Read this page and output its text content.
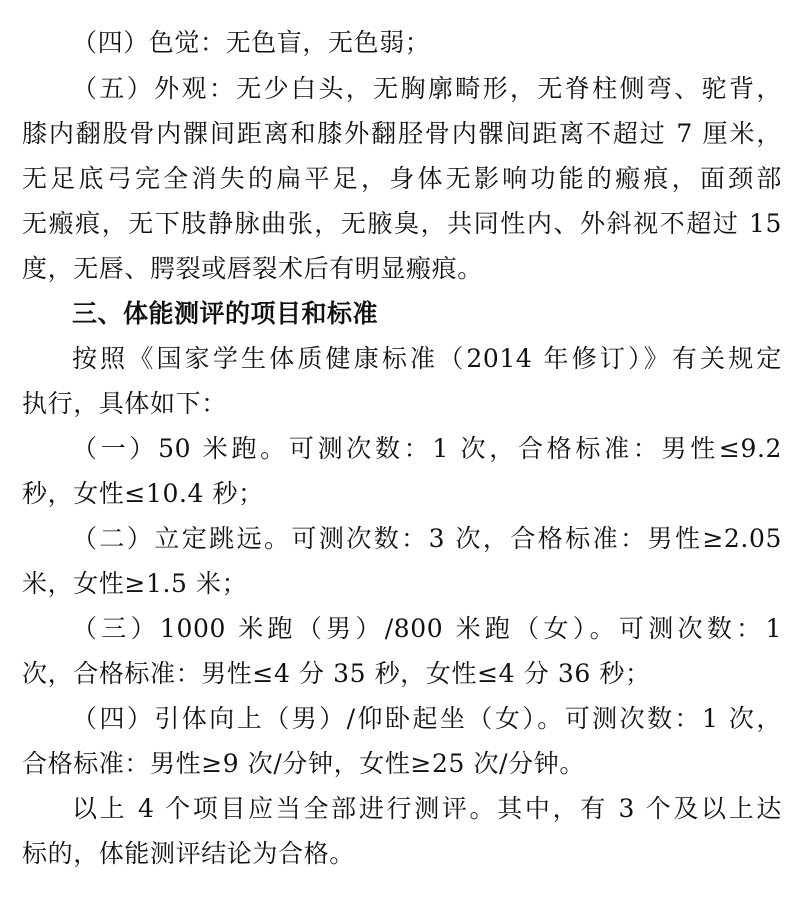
（四）色觉：无色盲，无色弱；

（五）外观：无少白头，无胸廓畸形，无脊柱侧弯、驼背，

膝内翻股骨内髁间距离和膝外翻胫骨内髁间距离不超过 7 厘米，

无足底弓完全消失的扁平足，身体无影响功能的瘢痕，面颈部

无瘢痕，无下肢静脉曲张，无腋臭，共同性内、外斜视不超过 15

度，无唇、腭裂或唇裂术后有明显瘢痕。

三、体能测评的项目和标准

按照《国家学生体质健康标准（2014 年修订）》有关规定

执行，具体如下：

（一）50 米跑。可测次数：1 次，合格标准：男性≤9.2

秒，女性≤10.4 秒；

（二）立定跳远。可测次数：3 次，合格标准：男性≥2.05

米，女性≥1.5 米；

（三）1000 米跑（男）/800 米跑（女）。可测次数：1

次，合格标准：男性≤4 分 35 秒，女性≤4 分 36 秒；

（四）引体向上（男）/仰卧起坐（女）。可测次数：1 次，

合格标准：男性≥9 次/分钟，女性≥25 次/分钟。

以上 4 个项目应当全部进行测评。其中，有 3 个及以上达

标的，体能测评结论为合格。
